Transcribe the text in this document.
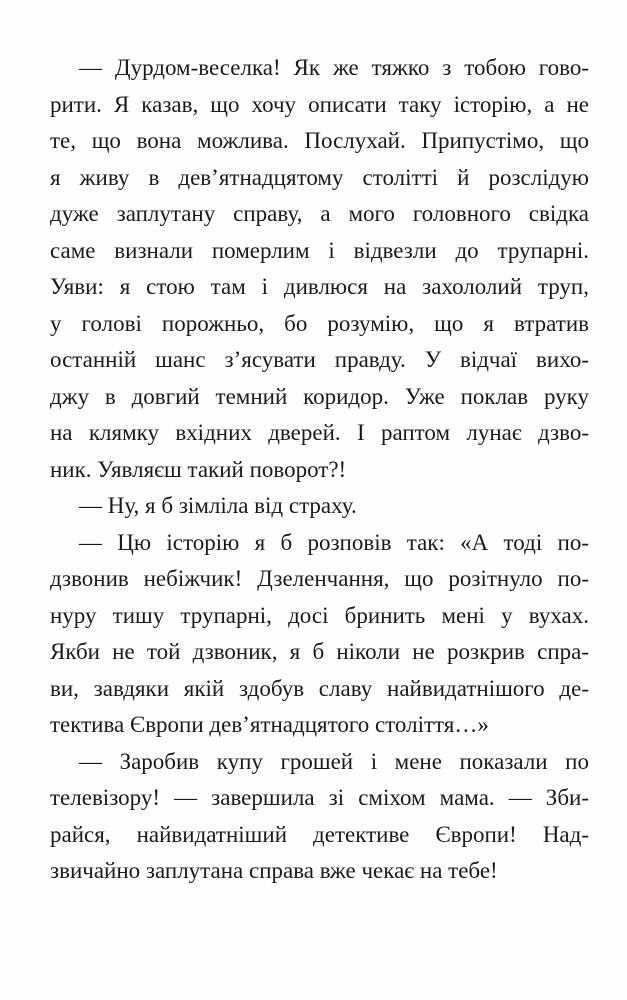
— Дурдом-веселка! Як же тяжко з тобою гово-
рити. Я казав, що хочу описати таку історію, а не
те, що вона можлива. Послухай. Припустімо, що
я живу в дев’ятнадцятому столітті й розслідую
дуже заплутану справу, а мого головного свідка
саме визнали померлим і відвезли до трупарні.
Уяви: я стою там і дивлюся на захололий труп,
у голові порожньо, бо розумію, що я втратив
останній шанс з’ясувати правду. У відчаї вихо-
джу в довгий темний коридор. Уже поклав руку
на клямку вхідних дверей. І раптом лунає дзво-
ник. Уявляєш такий поворот?!
— Ну, я б зімліла від страху.
— Цю історію я б розповів так: «А тоді по-
дзвонив небіжчик! Дзеленчання, що розітнуло по-
нуру тишу трупарні, досі бринить мені у вухах.
Якби не той дзвоник, я б ніколи не розкрив спра-
ви, завдяки якій здобув славу найвидатнішого де-
тектива Європи дев’ятнадцятого століття…»
— Заробив купу грошей і мене показали по
телевізору! — завершила зі сміхом мама. — Зби-
райся, найвидатніший детективе Європи! Над-
звичайно заплутана справа вже чекає на тебе!
